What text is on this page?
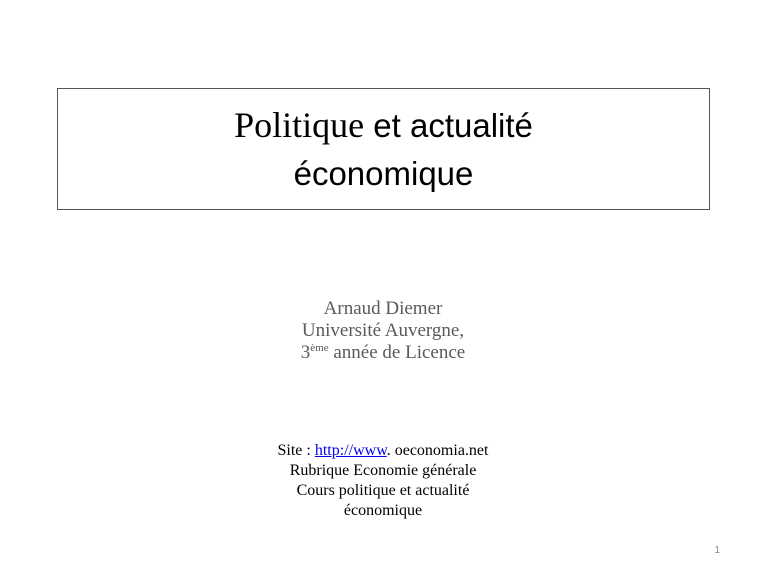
Politique et actualité
économique
Arnaud Diemer
Université Auvergne,
3ème année de Licence
Site : http://www. oeconomia.net
Rubrique Economie générale
Cours politique et actualité
économique
1
